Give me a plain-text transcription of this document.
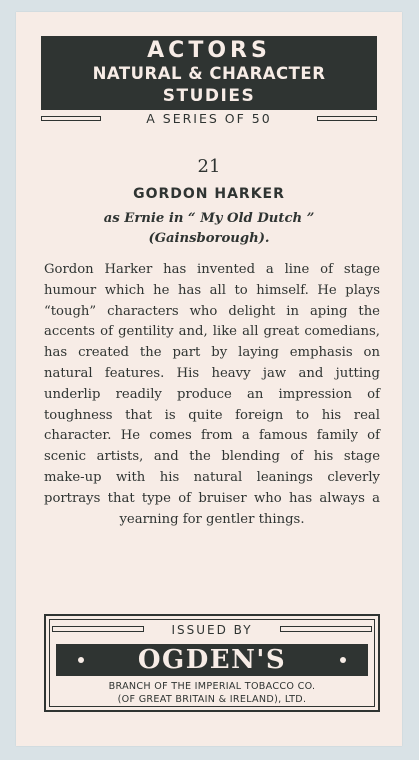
ACTORS
NATURAL & CHARACTER
STUDIES
A SERIES OF 50
21
GORDON HARKER
as Ernie in “ My Old Dutch ”
(Gainsborough).
Gordon Harker has invented a line of stage humour which he has all to himself. He plays “tough” characters who delight in aping the accents of gentility and, like all great comedians, has created the part by laying emphasis on natural features. His heavy jaw and jutting underlip readily produce an impression of toughness that is quite foreign to his real character. He comes from a famous family of scenic artists, and the blending of his stage make-up with his natural leanings cleverly portrays that type of bruiser who has always a yearning for gentler things.
ISSUED BY
OGDEN'S
BRANCH OF THE IMPERIAL TOBACCO CO.
(OF GREAT BRITAIN & IRELAND), LTD.
